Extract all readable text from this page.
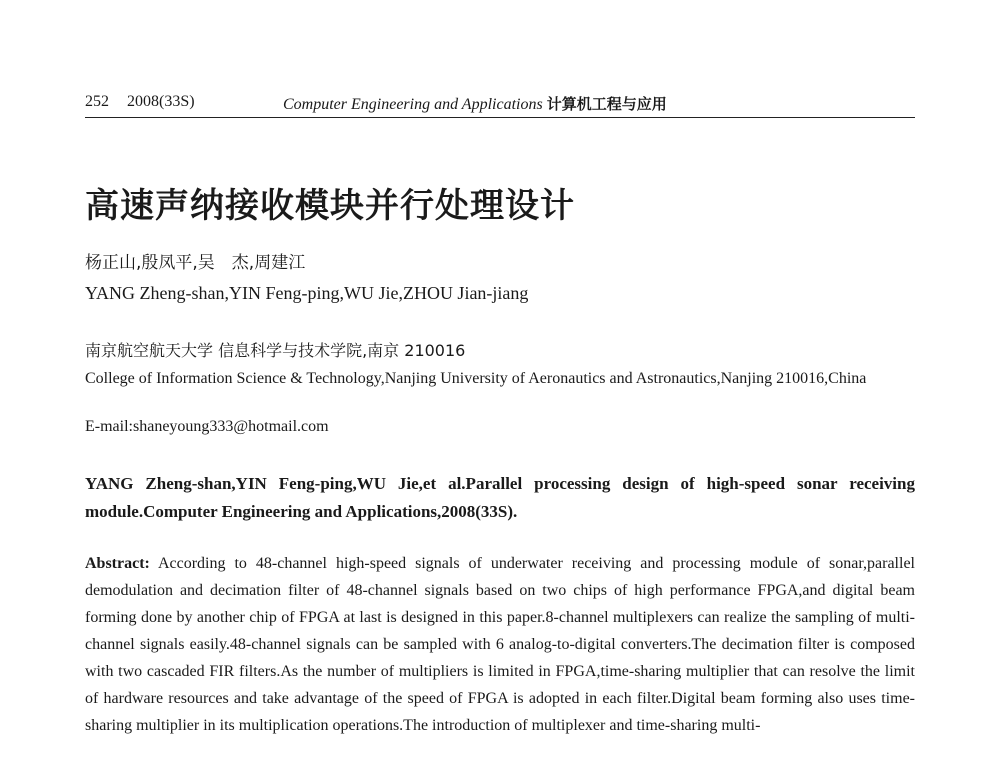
252 2008(33S)	Computer Engineering and Applications 计算机工程与应用
高速声纳接收模块并行处理设计
杨正山,殷凤平,吴　杰,周建江
YANG Zheng-shan,YIN Feng-ping,WU Jie,ZHOU Jian-jiang
南京航空航天大学 信息科学与技术学院,南京 210016
College of Information Science & Technology,Nanjing University of Aeronautics and Astronautics,Nanjing 210016,China
E-mail:shaneyoung333@hotmail.com
YANG Zheng-shan,YIN Feng-ping,WU Jie,et al.Parallel processing design of high-speed sonar receiving module.Computer Engineering and Applications,2008(33S).
Abstract: According to 48-channel high-speed signals of underwater receiving and processing module of sonar,parallel demodulation and decimation filter of 48-channel signals based on two chips of high performance FPGA,and digital beam forming done by another chip of FPGA at last is designed in this paper.8-channel multiplexers can realize the sampling of multi-channel signals easily.48-channel signals can be sampled with 6 analog-to-digital converters.The decimation filter is composed with two cascaded FIR filters.As the number of multipliers is limited in FPGA,time-sharing multiplier that can resolve the limit of hardware resources and take advantage of the speed of FPGA is adopted in each filter.Digital beam forming also uses time-sharing multiplier in its multiplication operations.The introduction of multiplexer and time-sharing multi-
